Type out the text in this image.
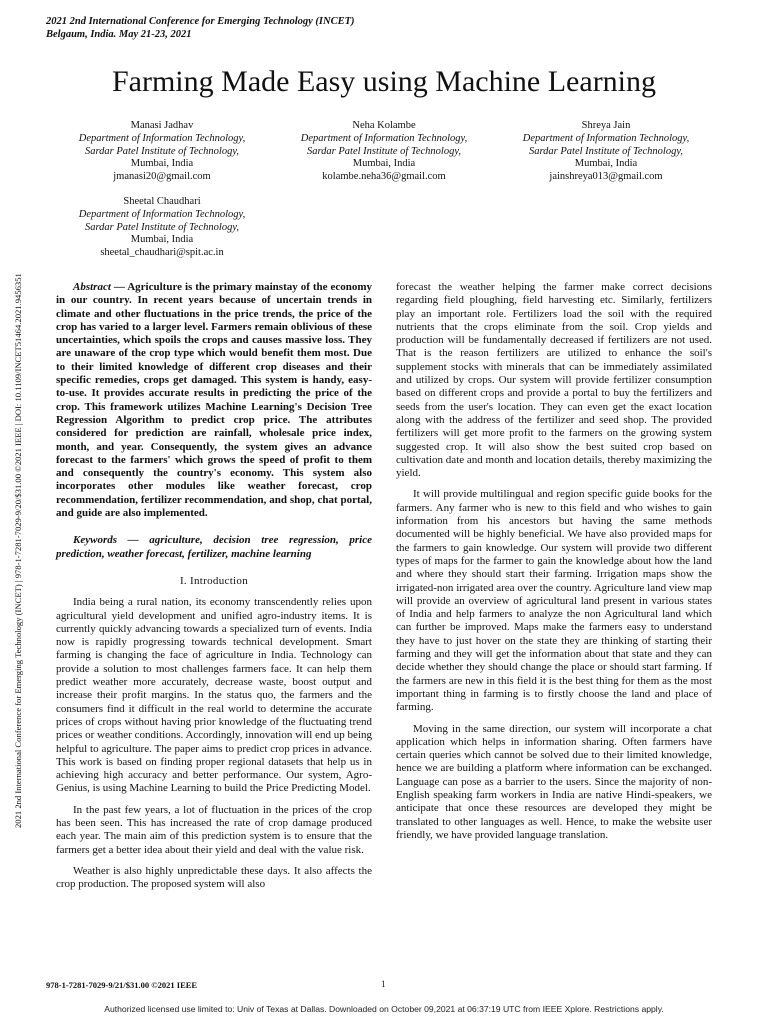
2021 2nd International Conference for Emerging Technology (INCET)
Belgaum, India. May 21-23, 2021
Farming Made Easy using Machine Learning
Manasi Jadhav
Department of Information Technology,
Sardar Patel Institute of Technology,
Mumbai, India
jmanasi20@gmail.com
Neha Kolambe
Department of Information Technology,
Sardar Patel Institute of Technology,
Mumbai, India
kolambe.neha36@gmail.com
Shreya Jain
Department of Information Technology,
Sardar Patel Institute of Technology,
Mumbai, India
jainshreya013@gmail.com
Sheetal Chaudhari
Department of Information Technology,
Sardar Patel Institute of Technology,
Mumbai, India
sheetal_chaudhari@spit.ac.in
2021 2nd International Conference for Emerging Technology (INCET) | 978-1-7281-7029-9/20/$31.00 ©2021 IEEE | DOI: 10.1109/INCET51464.2021.9456351	Abstract — Agriculture is the primary mainstay of the economy in our country. In recent years because of uncertain trends in climate and other fluctuations in the price trends, the price of the crop has varied to a larger level. Farmers remain oblivious of these uncertainties, which spoils the crops and causes massive loss. They are unaware of the crop type which would benefit them most. Due to their limited knowledge of different crop diseases and their specific remedies, crops get damaged. This system is handy, easy-to-use. It provides accurate results in predicting the price of the crop. This framework utilizes Machine Learning's Decision Tree Regression Algorithm to predict crop price. The attributes considered for prediction are rainfall, wholesale price index, month, and year. Consequently, the system gives an advance forecast to the farmers' which grows the speed of profit to them and consequently the country's economy. This system also incorporates other modules like weather forecast, crop recommendation, fertilizer recommendation, and shop, chat portal, and guide are also implemented.

Keywords — agriculture, decision tree regression, price prediction, weather forecast, fertilizer, machine learning

I. Introduction

India being a rural nation, its economy transcendently relies upon agricultural yield development and unified agro-industry items. It is currently quickly advancing towards a specialized turn of events. India now is rapidly progressing towards technical development. Smart farming is changing the face of agriculture in India. Technology can provide a solution to most challenges farmers face. It can help them predict weather more accurately, decrease waste, boost output and increase their profit margins. In the status quo, the farmers and the consumers find it difficult in the real world to determine the accurate prices of crops without having prior knowledge of the fluctuating trend prices or weather conditions. Accordingly, innovation will end up being helpful to agriculture. The paper aims to predict crop prices in advance. This work is based on finding proper regional datasets that help us in achieving high accuracy and better performance. Our system, Agro-Genius, is using Machine Learning to build the Price Predicting Model.

In the past few years, a lot of fluctuation in the prices of the crop has been seen. This has increased the rate of crop damage produced each year. The main aim of this prediction system is to ensure that the farmers get a better idea about their yield and deal with the value risk.

Weather is also highly unpredictable these days. It also affects the crop production. The proposed system will also

forecast the weather helping the farmer make correct decisions regarding field ploughing, field harvesting etc. Similarly, fertilizers play an important role. Fertilizers load the soil with the required nutrients that the crops eliminate from the soil. Crop yields and production will be fundamentally decreased if fertilizers are not used. That is the reason fertilizers are utilized to enhance the soil's supplement stocks with minerals that can be immediately assimilated and utilized by crops. Our system will provide fertilizer consumption based on different crops and provide a portal to buy the fertilizers and seeds from the user's location. They can even get the exact location along with the address of the fertilizer and seed shop. The provided fertilizers will get more profit to the farmers on the growing system suggested crop. It will also show the best suited crop based on cultivation date and month and location details, thereby maximizing the yield.

It will provide multilingual and region specific guide books for the farmers. Any farmer who is new to this field and who wishes to gain information from his ancestors but having the same methods documented will be highly beneficial. We have also provided maps for the farmers to gain knowledge. Our system will provide two different types of maps for the farmer to gain the knowledge about how the land and where they should start their farming. Irrigation maps show the irrigated-non irrigated area over the country. Agriculture land view map will provide an overview of agricultural land present in various states of India and help farmers to analyze the non Agricultural land which can further be improved. Maps make the farmers easy to understand they have to just hover on the state they are thinking of starting their farming and they will get the information about that state and they can decide whether they should change the place or should start farming. If the farmers are new in this field it is the best thing for them as the most important thing in farming is to firstly choose the land and place of farming.

Moving in the same direction, our system will incorporate a chat application which helps in information sharing. Often farmers have certain queries which cannot be solved due to their limited knowledge, hence we are building a platform where information can be exchanged. Language can pose as a barrier to the users. Since the majority of non-English speaking farm workers in India are native Hindi-speakers, we anticipate that once these resources are developed they might be translated to other languages as well. Hence, to make the website user friendly, we have provided language translation.

978-1-7281-7029-9/21/$31.00 ©2021 IEEE	1
Authorized licensed use limited to: Univ of Texas at Dallas. Downloaded on October 09,2021 at 06:37:19 UTC from IEEE Xplore. Restrictions apply.
